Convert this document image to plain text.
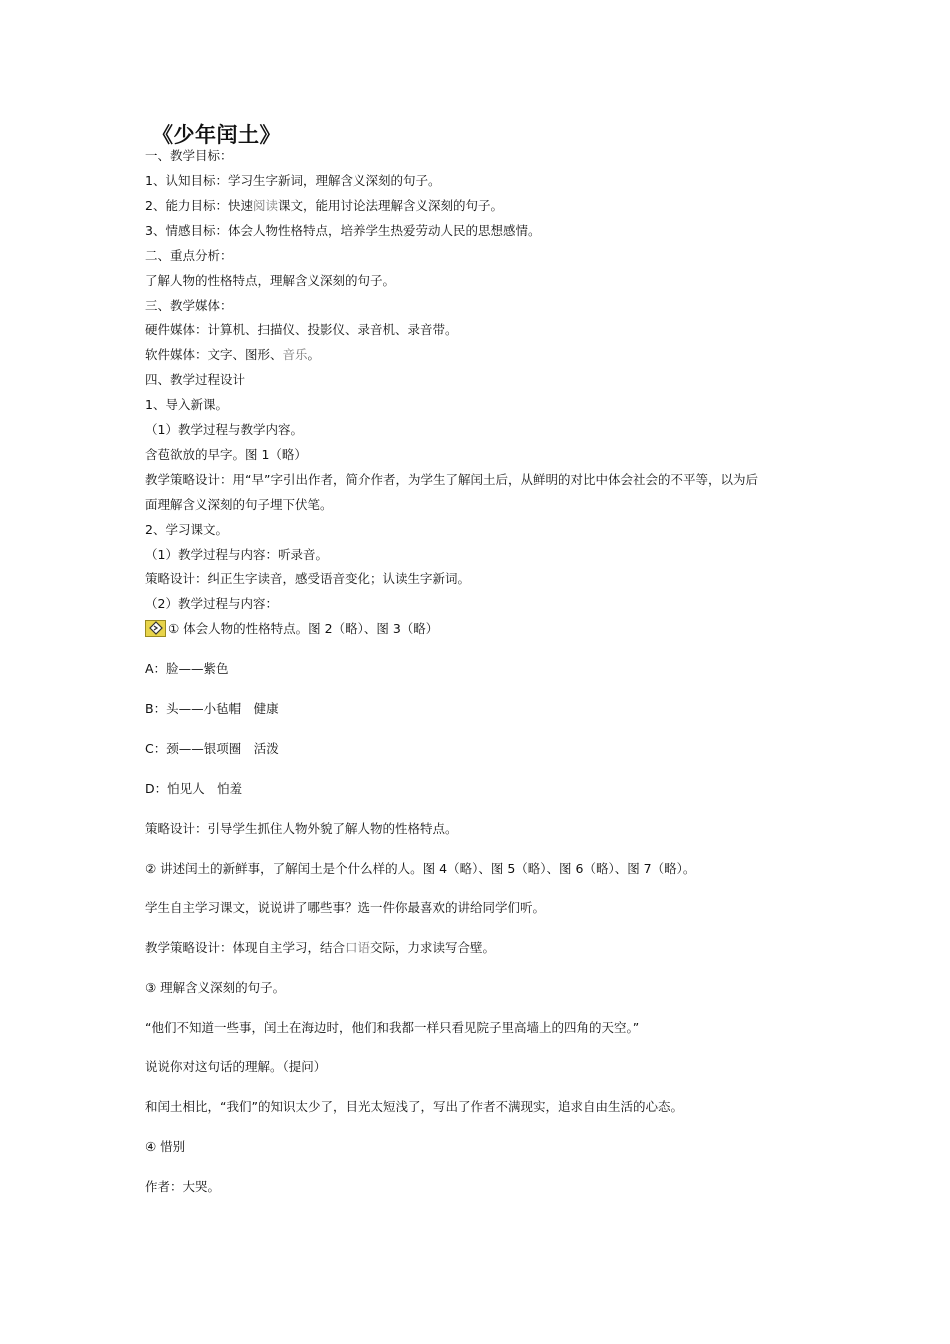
《少年闰土》
一、教学目标：
1、认知目标：学习生字新词，理解含义深刻的句子。
2、能力目标：快速阅读课文，能用讨论法理解含义深刻的句子。
3、情感目标：体会人物性格特点，培养学生热爱劳动人民的思想感情。
二、重点分析：
了解人物的性格特点，理解含义深刻的句子。
三、教学媒体：
硬件媒体：计算机、扫描仪、投影仪、录音机、录音带。
软件媒体：文字、图形、音乐。
四、教学过程设计
1、导入新课。
（1）教学过程与教学内容。
含苞欲放的早字。图 1（略）
教学策略设计：用“早”字引出作者，简介作者，为学生了解闰土后，从鲜明的对比中体会社会的不平等，以为后
面理解含义深刻的句子埋下伏笔。
2、学习课文。
（1）教学过程与内容：听录音。
策略设计：纠正生字读音，感受语音变化；认读生字新词。
（2）教学过程与内容：
① 体会人物的性格特点。图 2（略）、图 3（略）
A：脸——紫色
B：头——小毡帽　健康
C：颈——银项圈　活泼
D：怕见人　怕羞
策略设计：引导学生抓住人物外貌了解人物的性格特点。
② 讲述闰土的新鲜事，了解闰土是个什么样的人。图 4（略）、图 5（略）、图 6（略）、图 7（略）。
学生自主学习课文，说说讲了哪些事？选一件你最喜欢的讲给同学们听。
教学策略设计：体现自主学习，结合口语交际，力求读写合壁。
③ 理解含义深刻的句子。
“他们不知道一些事，闰土在海边时，他们和我都一样只看见院子里高墙上的四角的天空。”
说说你对这句话的理解。（提问）
和闰土相比，“我们”的知识太少了，目光太短浅了，写出了作者不满现实，追求自由生活的心态。
④ 惜别
作者：大哭。
